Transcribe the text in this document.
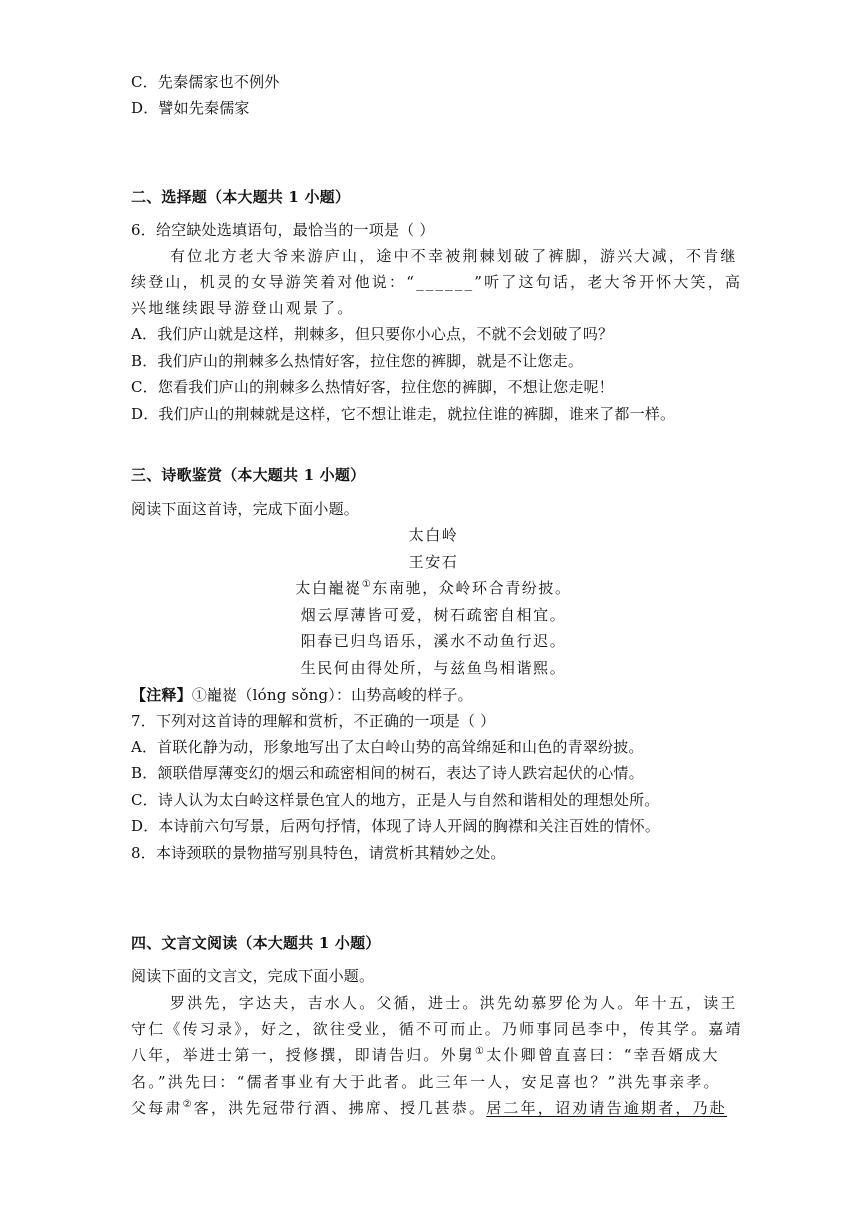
C．先秦儒家也不例外
D．譬如先秦儒家
二、选择题（本大题共 1 小题）
6．给空缺处选填语句，最恰当的一项是（ ）
有位北方老大爷来游庐山，途中不幸被荆棘划破了裤脚，游兴大减，不肯继
续登山，机灵的女导游笑着对他说：“______”听了这句话，老大爷开怀大笑，高
兴地继续跟导游登山观景了。
A．我们庐山就是这样，荆棘多，但只要你小心点，不就不会划破了吗？
B．我们庐山的荆棘多么热情好客，拉住您的裤脚，就是不让您走。
C．您看我们庐山的荆棘多么热情好客，拉住您的裤脚，不想让您走呢！
D．我们庐山的荆棘就是这样，它不想让谁走，就拉住谁的裤脚，谁来了都一样。
三、诗歌鉴赏（本大题共 1 小题）
阅读下面这首诗，完成下面小题。
太白岭
王安石
太白巃嵸①东南驰，众岭环合青纷披。
烟云厚薄皆可爱，树石疏密自相宜。
阳春已归鸟语乐，溪水不动鱼行迟。
生民何由得处所，与兹鱼鸟相谐熙。
【注释】①巃嵸（lóng sǒng）：山势高峻的样子。
7．下列对这首诗的理解和赏析，不正确的一项是（ ）
A．首联化静为动，形象地写出了太白岭山势的高耸绵延和山色的青翠纷披。
B．颔联借厚薄变幻的烟云和疏密相间的树石，表达了诗人跌宕起伏的心情。
C．诗人认为太白岭这样景色宜人的地方，正是人与自然和谐相处的理想处所。
D．本诗前六句写景，后两句抒情，体现了诗人开阔的胸襟和关注百姓的情怀。
8．本诗颈联的景物描写别具特色，请赏析其精妙之处。
四、文言文阅读（本大题共 1 小题）
阅读下面的文言文，完成下面小题。
罗洪先，字达夫，吉水人。父循，进士。洪先幼慕罗伦为人。年十五，读王
守仁《传习录》，好之，欲往受业，循不可而止。乃师事同邑李中，传其学。嘉靖
八年，举进士第一，授修撰，即请告归。外舅①太仆卿曾直喜曰：“幸吾婿成大
名。”洪先曰：“儒者事业有大于此者。此三年一人，安足喜也？”洪先事亲孝。
父每肃②客，洪先冠带行酒、拂席、授几甚恭。居二年，诏劝请告逾期者，乃赴
